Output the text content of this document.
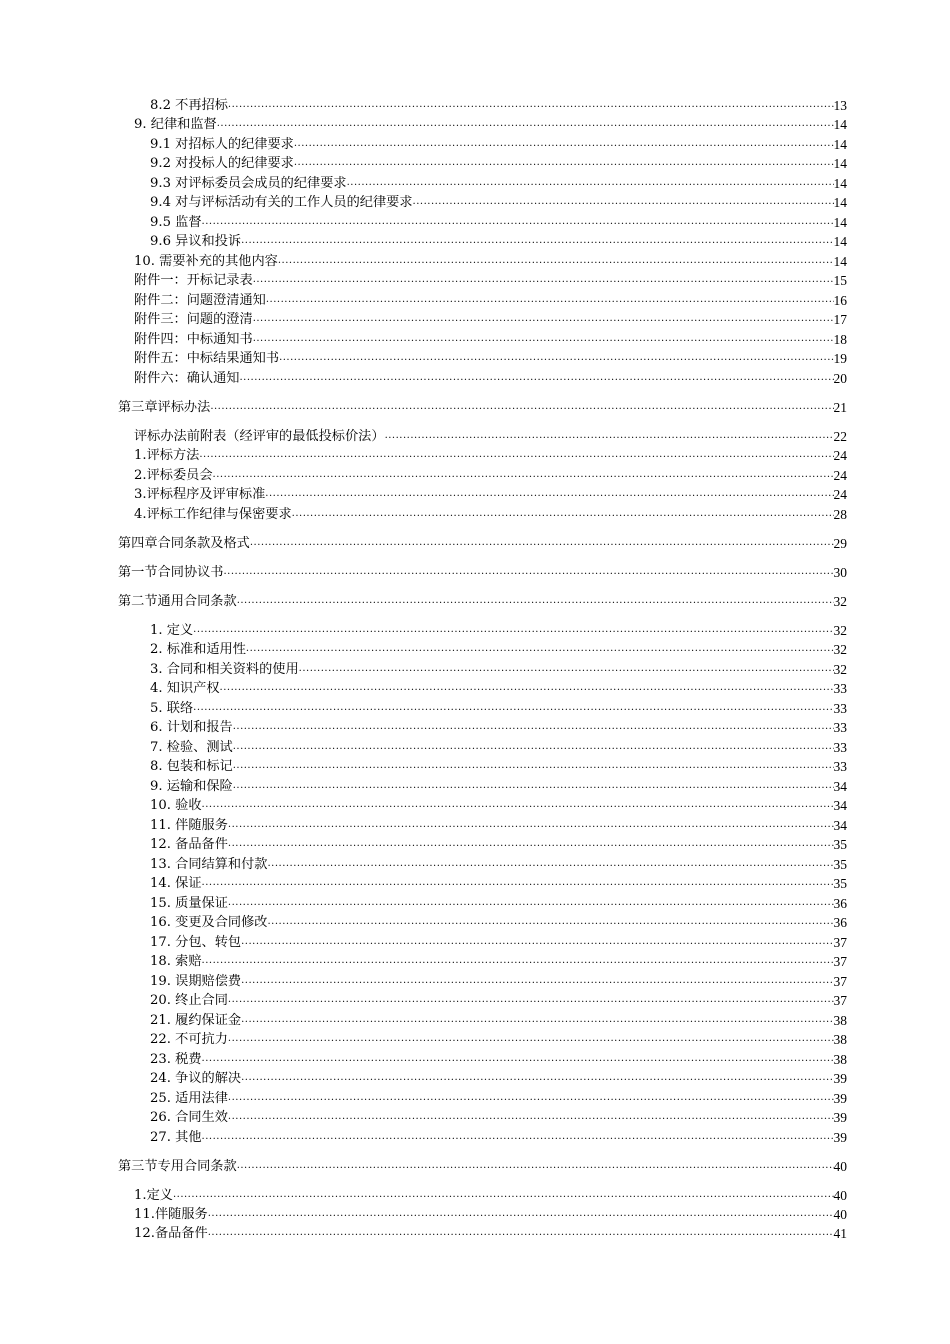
8.2 不再招标 .....	13
9. 纪律和监督 .....	14
9.1 对招标人的纪律要求 .....	14
9.2 对投标人的纪律要求 .....	14
9.3 对评标委员会成员的纪律要求 .....	14
9.4 对与评标活动有关的工作人员的纪律要求 .....	14
9.5 监督 .....	14
9.6 异议和投诉 .....	14
10. 需要补充的其他内容 .....	14
附件一：开标记录表 .....	15
附件二：问题澄清通知 .....	16
附件三：问题的澄清 .....	17
附件四：中标通知书 .....	18
附件五：中标结果通知书 .....	19
附件六：确认通知 .....	20
第三章评标办法 .....	21
评标办法前附表（经评审的最低投标价法） .....	22
1.评标方法 .....	24
2.评标委员会 .....	24
3.评标程序及评审标准 .....	24
4.评标工作纪律与保密要求 .....	28
第四章合同条款及格式 .....	29
第一节合同协议书 .....	30
第二节通用合同条款 .....	32
1. 定义 .....	32
2. 标准和适用性 .....	32
3. 合同和相关资料的使用 .....	32
4. 知识产权 .....	33
5. 联络 .....	33
6. 计划和报告 .....	33
7. 检验、测试 .....	33
8. 包装和标记 .....	33
9. 运输和保险 .....	34
10. 验收 .....	34
11. 伴随服务 .....	34
12. 备品备件 .....	35
13. 合同结算和付款 .....	35
14. 保证 .....	35
15. 质量保证 .....	36
16. 变更及合同修改 .....	36
17. 分包、转包 .....	37
18. 索赔 .....	37
19. 误期赔偿费 .....	37
20. 终止合同 .....	37
21. 履约保证金 .....	38
22. 不可抗力 .....	38
23. 税费 .....	38
24. 争议的解决 .....	39
25. 适用法律 .....	39
26. 合同生效 .....	39
27. 其他 .....	39
第三节专用合同条款 .....	40
1.定义 .....	40
11.伴随服务 .....	40
12.备品备件 .....	41
